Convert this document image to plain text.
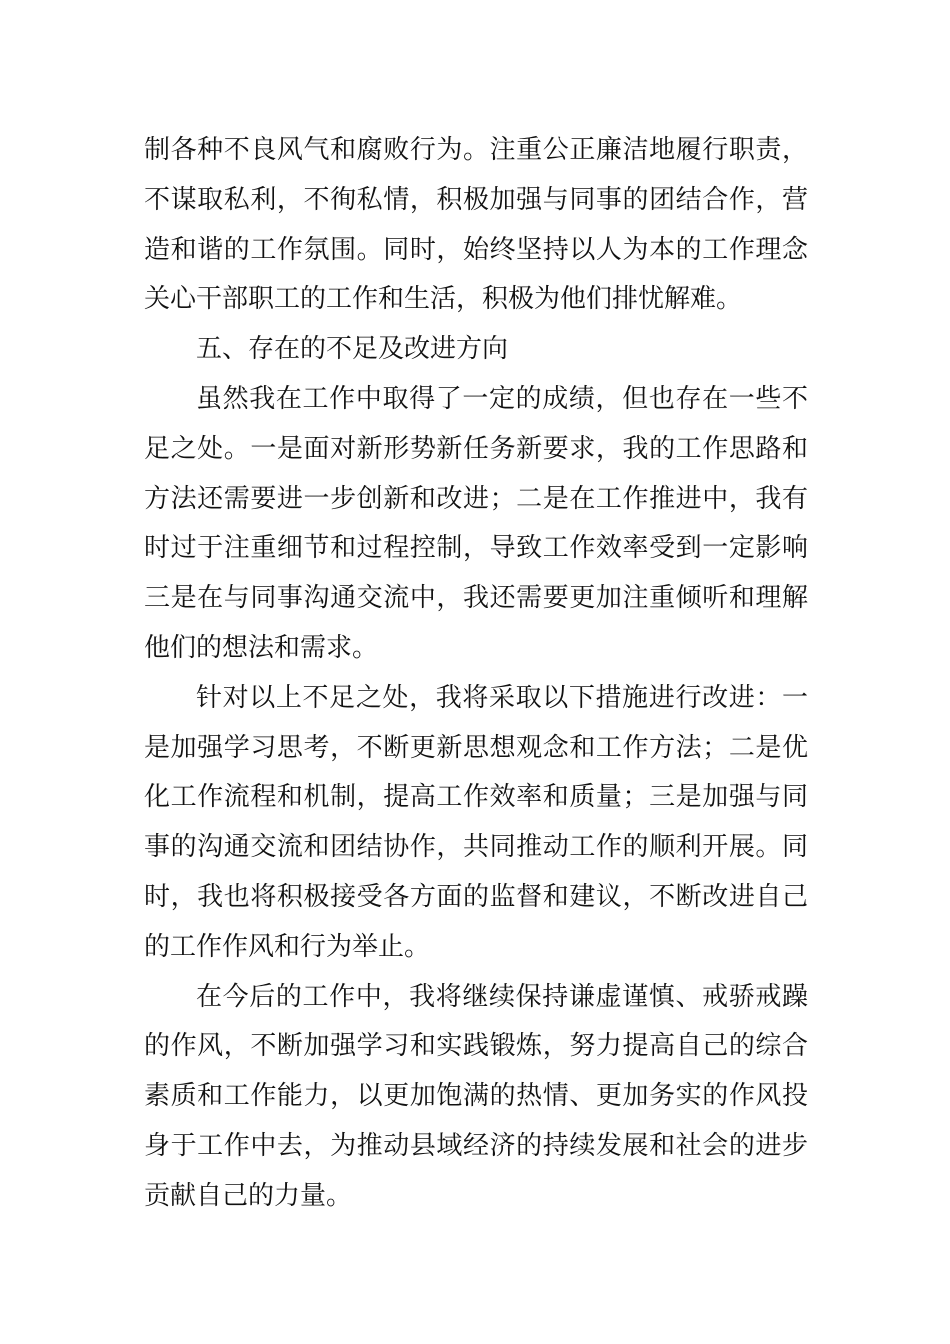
制各种不良风气和腐败行为。注重公正廉洁地履行职责，
不谋取私利，不徇私情，积极加强与同事的团结合作，营
造和谐的工作氛围。同时，始终坚持以人为本的工作理念
关心干部职工的工作和生活，积极为他们排忧解难。
五、存在的不足及改进方向
虽然我在工作中取得了一定的成绩，但也存在一些不
足之处。一是面对新形势新任务新要求，我的工作思路和
方法还需要进一步创新和改进；二是在工作推进中，我有
时过于注重细节和过程控制，导致工作效率受到一定影响
三是在与同事沟通交流中，我还需要更加注重倾听和理解
他们的想法和需求。
针对以上不足之处，我将采取以下措施进行改进：一
是加强学习思考，不断更新思想观念和工作方法；二是优
化工作流程和机制，提高工作效率和质量；三是加强与同
事的沟通交流和团结协作，共同推动工作的顺利开展。同
时，我也将积极接受各方面的监督和建议，不断改进自己
的工作作风和行为举止。
在今后的工作中，我将继续保持谦虚谨慎、戒骄戒躁
的作风，不断加强学习和实践锻炼，努力提高自己的综合
素质和工作能力，以更加饱满的热情、更加务实的作风投
身于工作中去，为推动县域经济的持续发展和社会的进步
贡献自己的力量。
